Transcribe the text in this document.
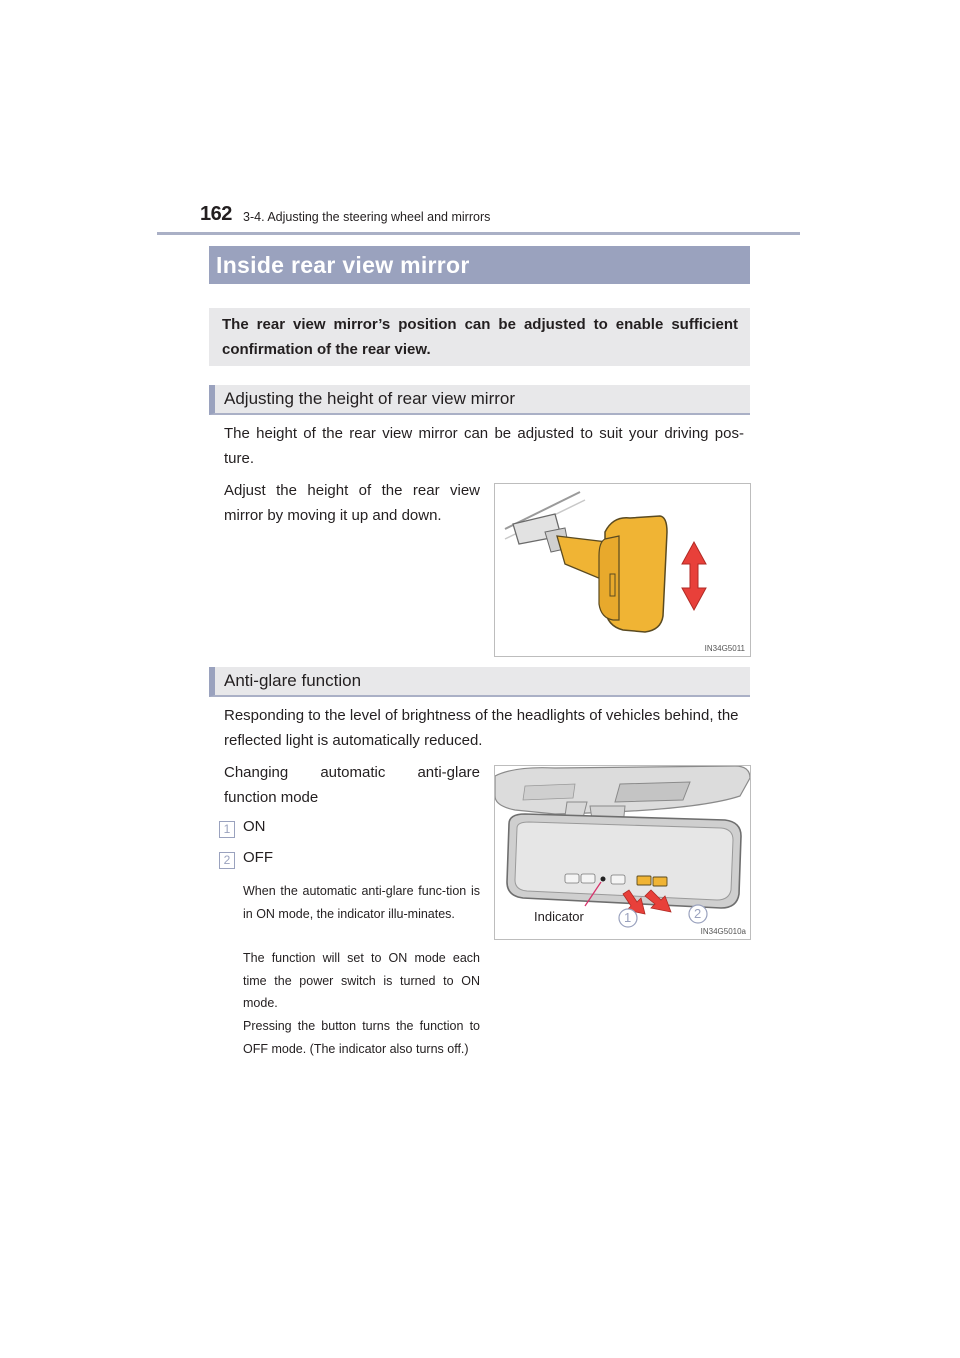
162 3-4. Adjusting the steering wheel and mirrors
Inside rear view mirror
The rear view mirror’s position can be adjusted to enable sufficient confirmation of the rear view.
Adjusting the height of rear view mirror
The height of the rear view mirror can be adjusted to suit your driving pos-ture.
Adjust the height of the rear view mirror by moving it up and down.
IN34G5011
Anti-glare function
Responding to the level of brightness of the headlights of vehicles behind, the reflected light is automatically reduced.
Changing automatic anti-glare
function mode
1 ON
2 OFF
When the automatic anti-glare func-tion is in ON mode, the indicator illu-minates.
The function will set to ON mode each time the power switch is turned to ON mode.
Pressing the button turns the function to OFF mode. (The indicator also turns off.)
Indicator	1	2
IN34G5010a
